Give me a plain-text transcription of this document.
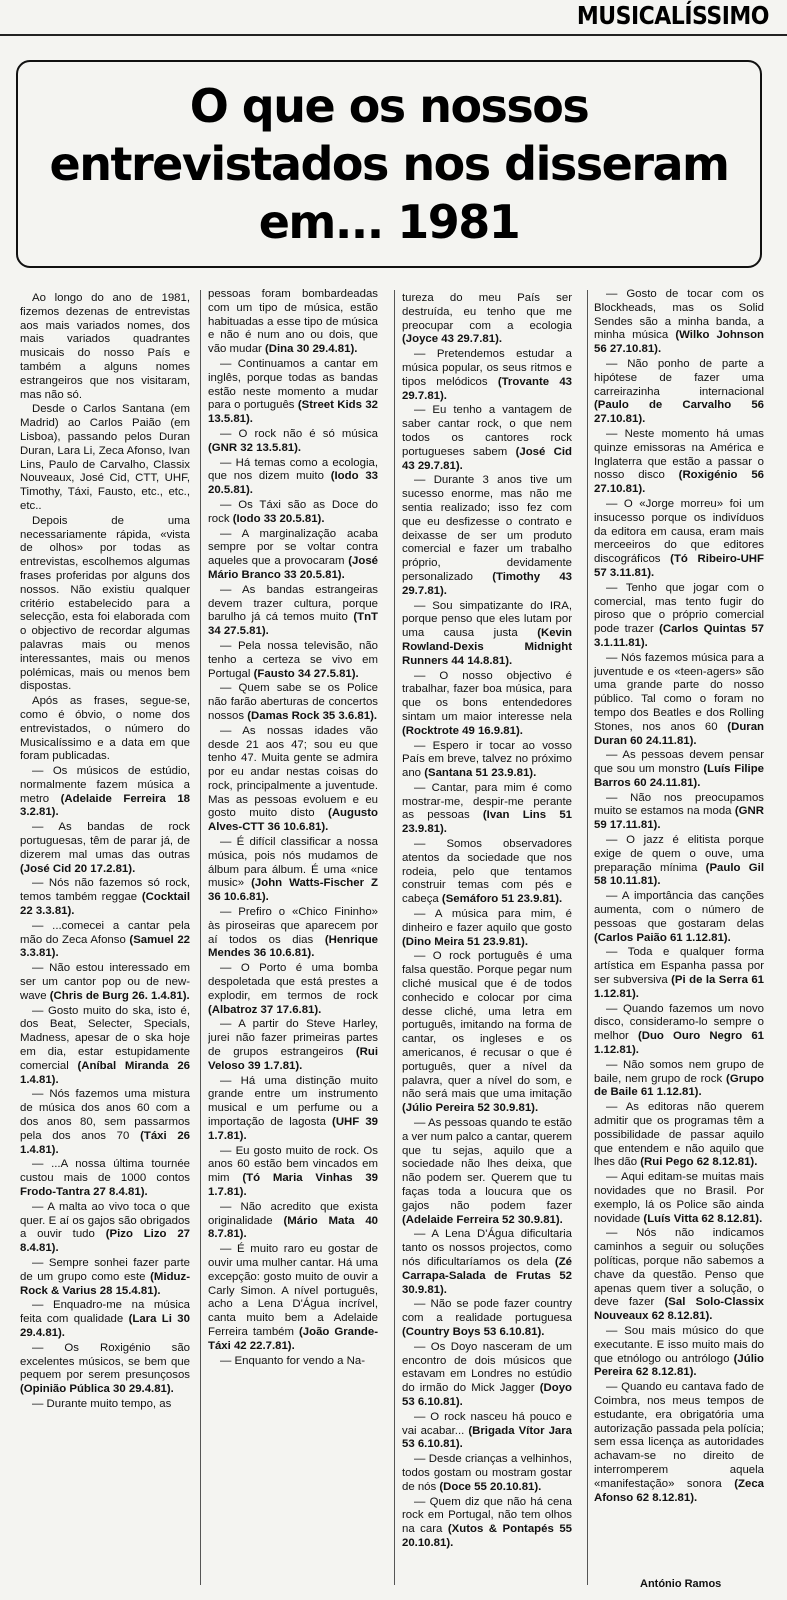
MUSICALÍSSIMO
O que os nossos
entrevistados nos disseram
em... 1981

Ao longo do ano de 1981, fizemos dezenas de entrevistas aos mais variados nomes, dos mais variados quadrantes musicais do nosso País e também a alguns nomes estrangeiros que nos visitaram, mas não só.

Desde o Carlos Santana (em Madrid) ao Carlos Paião (em Lisboa), passando pelos Duran Duran, Lara Li, Zeca Afonso, Ivan Lins, Paulo de Carvalho, Classix Nouveaux, José Cid, CTT, UHF, Timothy, Táxi, Fausto, etc., etc., etc..

Depois de uma necessariamente rápida, «vista de olhos» por todas as entrevistas, escolhemos algumas frases proferidas por alguns dos nossos. Não existiu qualquer critério estabelecido para a selecção, esta foi elaborada com o objectivo de recordar algumas palavras mais ou menos interessantes, mais ou menos polémicas, mais ou menos bem dispostas.

Após as frases, segue-se, como é óbvio, o nome dos entrevistados, o número do Musicalíssimo e a data em que foram publicadas.

— Os músicos de estúdio, normalmente fazem música a metro (Adelaide Ferreira 18 3.2.81).

— As bandas de rock portuguesas, têm de parar já, de dizerem mal umas das outras (José Cid 20 17.2.81).

— Nós não fazemos só rock, temos também reggae (Cocktail 22 3.3.81).

— ...comecei a cantar pela mão do Zeca Afonso (Samuel 22 3.3.81).

— Não estou interessado em ser um cantor pop ou de new-wave (Chris de Burg 26. 1.4.81).

— Gosto muito do ska, isto é, dos Beat, Selecter, Specials, Madness, apesar de o ska hoje em dia, estar estupidamente comercial (Aníbal Miranda 26 1.4.81).

— Nós fazemos uma mistura de música dos anos 60 com a dos anos 80, sem passarmos pela dos anos 70 (Táxi 26 1.4.81).

— ...A nossa última tournée custou mais de 1000 contos Frodo-Tantra 27 8.4.81).

— A malta ao vivo toca o que quer. E aí os gajos são obrigados a ouvir tudo (Pizo Lizo 27 8.4.81).

— Sempre sonhei fazer parte de um grupo como este (Miduz-Rock & Varius 28 15.4.81).

— Enquadro-me na música feita com qualidade (Lara Li 30 29.4.81).

— Os Roxigénio são excelentes músicos, se bem que pequem por serem presunçosos (Opinião Pública 30 29.4.81).

— Durante muito tempo, as

pessoas foram bombardeadas com um tipo de música, estão habituadas a esse tipo de música e não é num ano ou dois, que vão mudar (Dina 30 29.4.81).

— Continuamos a cantar em inglês, porque todas as bandas estão neste momento a mudar para o português (Street Kids 32 13.5.81).

— O rock não é só música (GNR 32 13.5.81).

— Há temas como a ecologia, que nos dizem muito (Iodo 33 20.5.81).

— Os Táxi são as Doce do rock (Iodo 33 20.5.81).

— A marginalização acaba sempre por se voltar contra aqueles que a provocaram (José Mário Branco 33 20.5.81).

— As bandas estrangeiras devem trazer cultura, porque barulho já cá temos muito (TnT 34 27.5.81).

— Pela nossa televisão, não tenho a certeza se vivo em Portugal (Fausto 34 27.5.81).

— Quem sabe se os Police não farão aberturas de concertos nossos (Damas Rock 35 3.6.81).

— As nossas idades vão desde 21 aos 47; sou eu que tenho 47. Muita gente se admira por eu andar nestas coisas do rock, principalmente a juventude. Mas as pessoas evoluem e eu gosto muito disto (Augusto Alves-CTT 36 10.6.81).

— É difícil classificar a nossa música, pois nós mudamos de álbum para álbum. É uma «nice music» (John Watts-Fischer Z 36 10.6.81).

— Prefiro o «Chico Fininho» às piroseiras que aparecem por aí todos os dias (Henrique Mendes 36 10.6.81).

— O Porto é uma bomba despoletada que está prestes a explodir, em termos de rock (Albatroz 37 17.6.81).

— A partir do Steve Harley, jurei não fazer primeiras partes de grupos estrangeiros (Rui Veloso 39 1.7.81).

— Há uma distinção muito grande entre um instrumento musical e um perfume ou a importação de lagosta (UHF 39 1.7.81).

— Eu gosto muito de rock. Os anos 60 estão bem vincados em mim (Tó Maria Vinhas 39 1.7.81).

— Não acredito que exista originalidade (Mário Mata 40 8.7.81).

— É muito raro eu gostar de ouvir uma mulher cantar. Há uma excepção: gosto muito de ouvir a Carly Simon. A nível português, acho a Lena D'Água incrível, canta muito bem a Adelaide Ferreira também (João Grande-Táxi 42 22.7.81).

— Enquanto for vendo a Na-

tureza do meu País ser destruída, eu tenho que me preocupar com a ecologia (Joyce 43 29.7.81).

— Pretendemos estudar a música popular, os seus ritmos e tipos melódicos (Trovante 43 29.7.81).

— Eu tenho a vantagem de saber cantar rock, o que nem todos os cantores rock portugueses sabem (José Cid 43 29.7.81).

— Durante 3 anos tive um sucesso enorme, mas não me sentia realizado; isso fez com que eu desfizesse o contrato e deixasse de ser um produto comercial e fazer um trabalho próprio, devidamente personalizado (Timothy 43 29.7.81).

— Sou simpatizante do IRA, porque penso que eles lutam por uma causa justa (Kevin Rowland-Dexis Midnight Runners 44 14.8.81).

— O nosso objectivo é trabalhar, fazer boa música, para que os bons entendedores sintam um maior interesse nela (Rocktrote 49 16.9.81).

— Espero ir tocar ao vosso País em breve, talvez no próximo ano (Santana 51 23.9.81).

— Cantar, para mim é como mostrar-me, despir-me perante as pessoas (Ivan Lins 51 23.9.81).

— Somos observadores atentos da sociedade que nos rodeia, pelo que tentamos construir temas com pés e cabeça (Semáforo 51 23.9.81).

— A música para mim, é dinheiro e fazer aquilo que gosto (Dino Meira 51 23.9.81).

— O rock português é uma falsa questão. Porque pegar num cliché musical que é de todos conhecido e colocar por cima desse cliché, uma letra em português, imitando na forma de cantar, os ingleses e os americanos, é recusar o que é português, quer a nível da palavra, quer a nível do som, e não será mais que uma imitação (Júlio Pereira 52 30.9.81).

— As pessoas quando te estão a ver num palco a cantar, querem que tu sejas, aquilo que a sociedade não lhes deixa, que não podem ser. Querem que tu faças toda a loucura que os gajos não podem fazer (Adelaide Ferreira 52 30.9.81).

— A Lena D'Água dificultaria tanto os nossos projectos, como nós dificultaríamos os dela (Zé Carrapa-Salada de Frutas 52 30.9.81).

— Não se pode fazer country com a realidade portuguesa (Country Boys 53 6.10.81).

— Os Doyo nasceram de um encontro de dois músicos que estavam em Londres no estúdio do irmão do Mick Jagger (Doyo 53 6.10.81).

— O rock nasceu há pouco e vai acabar... (Brigada Vítor Jara 53 6.10.81).

— Desde crianças a velhinhos, todos gostam ou mostram gostar de nós (Doce 55 20.10.81).

— Quem diz que não há cena rock em Portugal, não tem olhos na cara (Xutos & Pontapés 55 20.10.81).

— Gosto de tocar com os Blockheads, mas os Solid Sendes são a minha banda, a minha música (Wilko Johnson 56 27.10.81).

— Não ponho de parte a hipótese de fazer uma carreirazinha internacional (Paulo de Carvalho 56 27.10.81).

— Neste momento há umas quinze emissoras na América e Inglaterra que estão a passar o nosso disco (Roxigénio 56 27.10.81).

— O «Jorge morreu» foi um insucesso porque os indivíduos da editora em causa, eram mais merceeiros do que editores discográficos (Tó Ribeiro-UHF 57 3.11.81).

— Tenho que jogar com o comercial, mas tento fugir do piroso que o próprio comercial pode trazer (Carlos Quintas 57 3.1.11.81).

— Nós fazemos música para a juventude e os «teen-agers» são uma grande parte do nosso público. Tal como o foram no tempo dos Beatles e dos Rolling Stones, nos anos 60 (Duran Duran 60 24.11.81).

— As pessoas devem pensar que sou um monstro (Luís Filipe Barros 60 24.11.81).

— Não nos preocupamos muito se estamos na moda (GNR 59 17.11.81).

— O jazz é elitista porque exige de quem o ouve, uma preparação mínima (Paulo Gil 58 10.11.81).

— A importância das canções aumenta, com o número de pessoas que gostaram delas (Carlos Paião 61 1.12.81).

— Toda e qualquer forma artística em Espanha passa por ser subversiva (Pi de la Serra 61 1.12.81).

— Quando fazemos um novo disco, consideramo-lo sempre o melhor (Duo Ouro Negro 61 1.12.81).

— Não somos nem grupo de baile, nem grupo de rock (Grupo de Baile 61 1.12.81).

— As editoras não querem admitir que os programas têm a possibilidade de passar aquilo que entendem e não aquilo que lhes dão (Rui Pego 62 8.12.81).

— Aqui editam-se muitas mais novidades que no Brasil. Por exemplo, lá os Police são ainda novidade (Luís Vitta 62 8.12.81).

— Nós não indicamos caminhos a seguir ou soluções políticas, porque não sabemos a chave da questão. Penso que apenas quem tiver a solução, o deve fazer (Sal Solo-Classix Nouveaux 62 8.12.81).

— Sou mais músico do que executante. E isso muito mais do que etnólogo ou antrólogo (Júlio Pereira 62 8.12.81).

— Quando eu cantava fado de Coimbra, nos meus tempos de estudante, era obrigatória uma autorização passada pela polícia; sem essa licença as autoridades achavam-se no direito de interromperem aquela «manifestação» sonora (Zeca Afonso 62 8.12.81).

António Ramos
